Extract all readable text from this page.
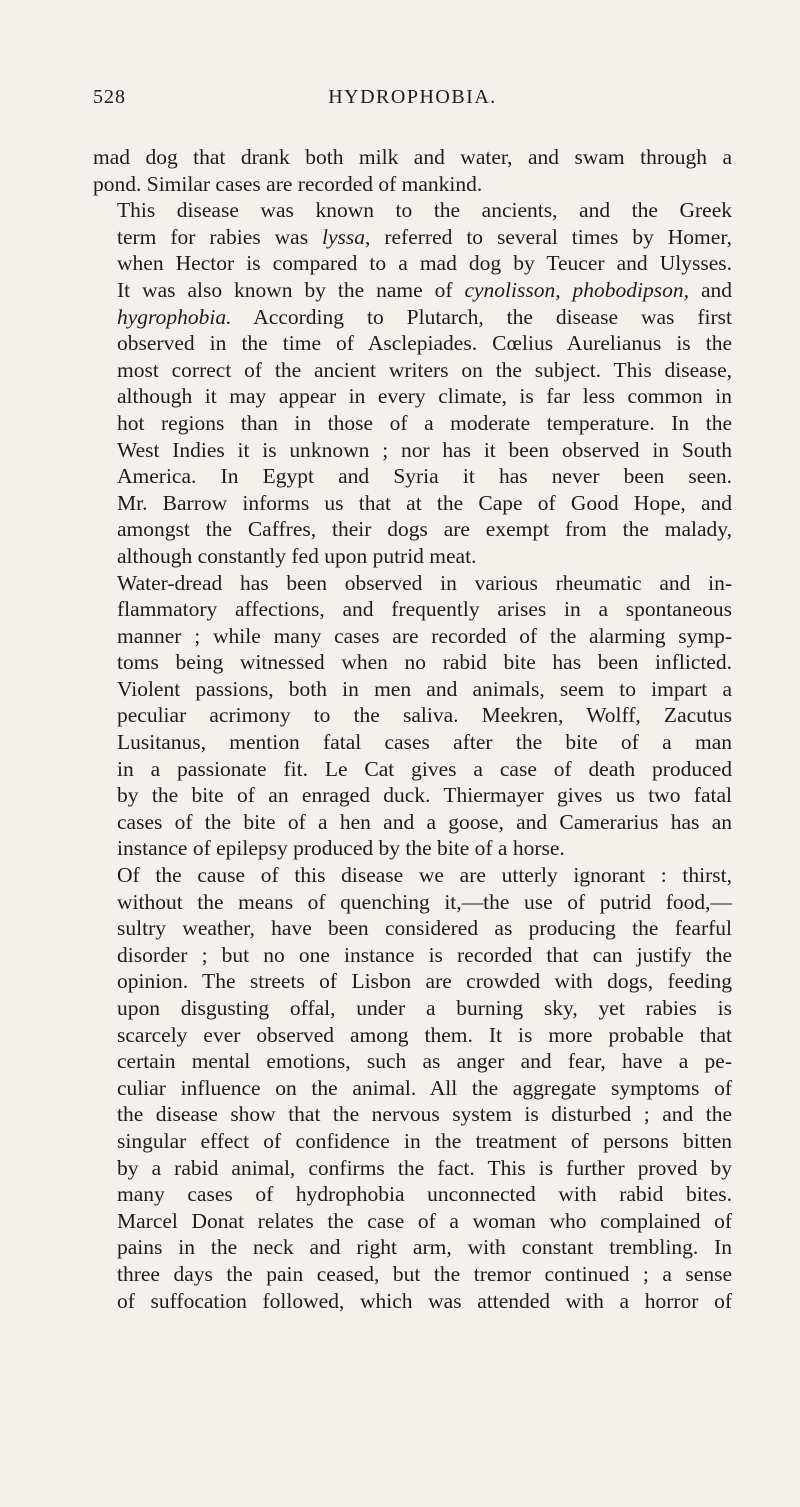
528	HYDROPHOBIA.

mad dog that drank both milk and water, and swam through a
pond. Similar cases are recorded of mankind.

This disease was known to the ancients, and the Greek
term for rabies was lyssa, referred to several times by Homer,
when Hector is compared to a mad dog by Teucer and Ulysses.
It was also known by the name of cynolisson, phobodipson, and
hygrophobia. According to Plutarch, the disease was first
observed in the time of Asclepiades. Cœlius Aurelianus is the
most correct of the ancient writers on the subject. This disease,
although it may appear in every climate, is far less common in
hot regions than in those of a moderate temperature. In the
West Indies it is unknown ; nor has it been observed in South
America. In Egypt and Syria it has never been seen.
Mr. Barrow informs us that at the Cape of Good Hope, and
amongst the Caffres, their dogs are exempt from the malady,
although constantly fed upon putrid meat.

Water-dread has been observed in various rheumatic and in-
flammatory affections, and frequently arises in a spontaneous
manner ; while many cases are recorded of the alarming symp-
toms being witnessed when no rabid bite has been inflicted.
Violent passions, both in men and animals, seem to impart a
peculiar acrimony to the saliva. Meekren, Wolff, Zacutus
Lusitanus, mention fatal cases after the bite of a man
in a passionate fit. Le Cat gives a case of death produced
by the bite of an enraged duck. Thiermayer gives us two fatal
cases of the bite of a hen and a goose, and Camerarius has an
instance of epilepsy produced by the bite of a horse.

Of the cause of this disease we are utterly ignorant : thirst,
without the means of quenching it,—the use of putrid food,—
sultry weather, have been considered as producing the fearful
disorder ; but no one instance is recorded that can justify the
opinion. The streets of Lisbon are crowded with dogs, feeding
upon disgusting offal, under a burning sky, yet rabies is
scarcely ever observed among them. It is more probable that
certain mental emotions, such as anger and fear, have a pe-
culiar influence on the animal. All the aggregate symptoms of
the disease show that the nervous system is disturbed ; and the
singular effect of confidence in the treatment of persons bitten
by a rabid animal, confirms the fact. This is further proved by
many cases of hydrophobia unconnected with rabid bites.
Marcel Donat relates the case of a woman who complained of
pains in the neck and right arm, with constant trembling. In
three days the pain ceased, but the tremor continued ; a sense
of suffocation followed, which was attended with a horror of
